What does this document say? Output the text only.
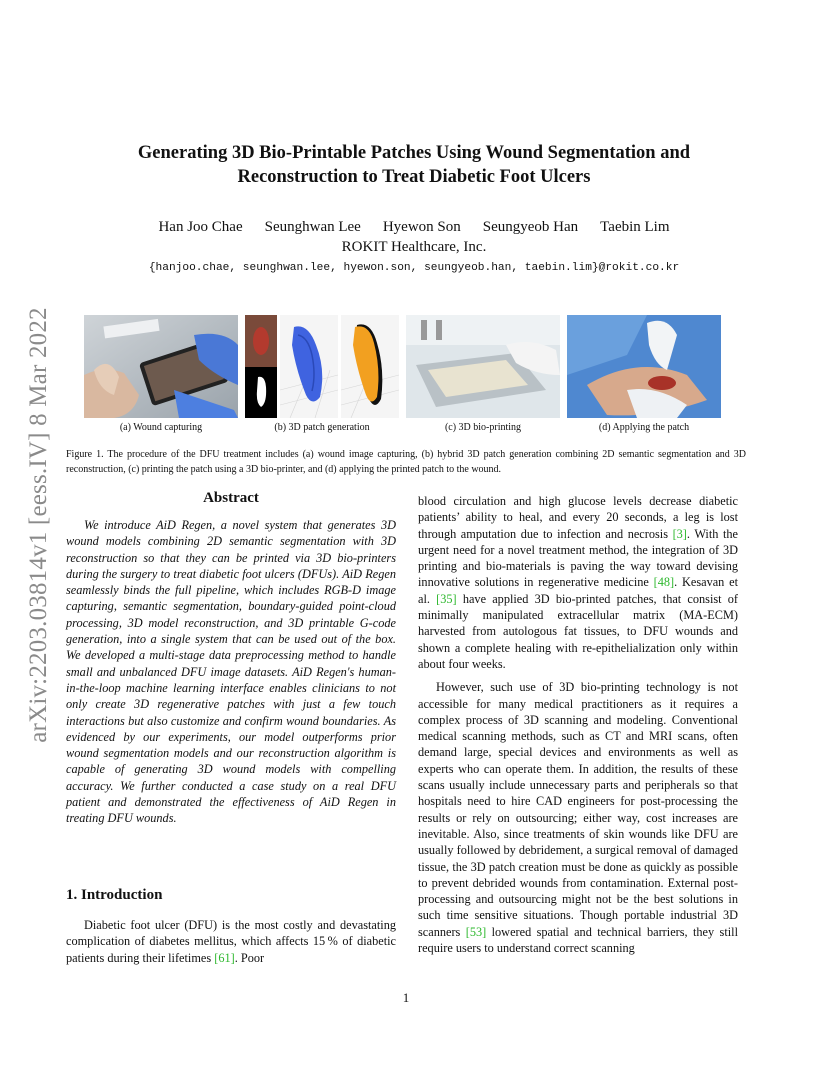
arXiv:2203.03814v1 [eess.IV] 8 Mar 2022
Generating 3D Bio-Printable Patches Using Wound Segmentation and Reconstruction to Treat Diabetic Foot Ulcers
Han Joo Chae Seunghwan Lee Hyewon Son Seungyeob Han Taebin Lim
ROKIT Healthcare, Inc.
{hanjoo.chae, seunghwan.lee, hyewon.son, seungyeob.han, taebin.lim}@rokit.co.kr
(a) Wound capturing	(b) 3D patch generation	(c) 3D bio-printing	(d) Applying the patch
Figure 1. The procedure of the DFU treatment includes (a) wound image capturing, (b) hybrid 3D patch generation combining 2D semantic segmentation and 3D reconstruction, (c) printing the patch using a 3D bio-printer, and (d) applying the printed patch to the wound.
Abstract

We introduce AiD Regen, a novel system that generates 3D wound models combining 2D semantic segmentation with 3D reconstruction so that they can be printed via 3D bio-printers during the surgery to treat diabetic foot ulcers (DFUs). AiD Regen seamlessly binds the full pipeline, which includes RGB-D image capturing, semantic segmentation, boundary-guided point-cloud processing, 3D model reconstruction, and 3D printable G-code generation, into a single system that can be used out of the box. We developed a multi-stage data preprocessing method to handle small and unbalanced DFU image datasets. AiD Regen's human-in-the-loop machine learning interface enables clinicians to not only create 3D regenerative patches with just a few touch interactions but also customize and confirm wound boundaries. As evidenced by our experiments, our model outperforms prior wound segmentation models and our reconstruction algorithm is capable of generating 3D wound models with compelling accuracy. We further conducted a case study on a real DFU patient and demonstrated the effectiveness of AiD Regen in treating DFU wounds.

1. Introduction

Diabetic foot ulcer (DFU) is the most costly and devastating complication of diabetes mellitus, which affects 15 % of diabetic patients during their lifetimes [61]. Poor

blood circulation and high glucose levels decrease diabetic patients’ ability to heal, and every 20 seconds, a leg is lost through amputation due to infection and necrosis [3]. With the urgent need for a novel treatment method, the integration of 3D printing and bio-materials is paving the way toward devising innovative solutions in regenerative medicine [48]. Kesavan et al. [35] have applied 3D bio-printed patches, that consist of minimally manipulated extracellular matrix (MA-ECM) harvested from autologous fat tissues, to DFU wounds and shown a complete healing with re-epithelialization only within about four weeks.

However, such use of 3D bio-printing technology is not accessible for many medical practitioners as it requires a complex process of 3D scanning and modeling. Conventional medical scanning methods, such as CT and MRI scans, often demand large, special devices and environments as well as experts who can operate them. In addition, the results of these scans usually include unnecessary parts and peripherals so that hospitals need to hire CAD engineers for post-processing the results or rely on outsourcing; either way, cost increases are inevitable. Also, since treatments of skin wounds like DFU are usually followed by debridement, a surgical removal of damaged tissue, the 3D patch creation must be done as quickly as possible to prevent debrided wounds from contamination. External post-processing and outsourcing might not be the best solutions in such time sensitive situations. Though portable industrial 3D scanners [53] lowered spatial and technical barriers, they still require users to understand correct scanning

1
